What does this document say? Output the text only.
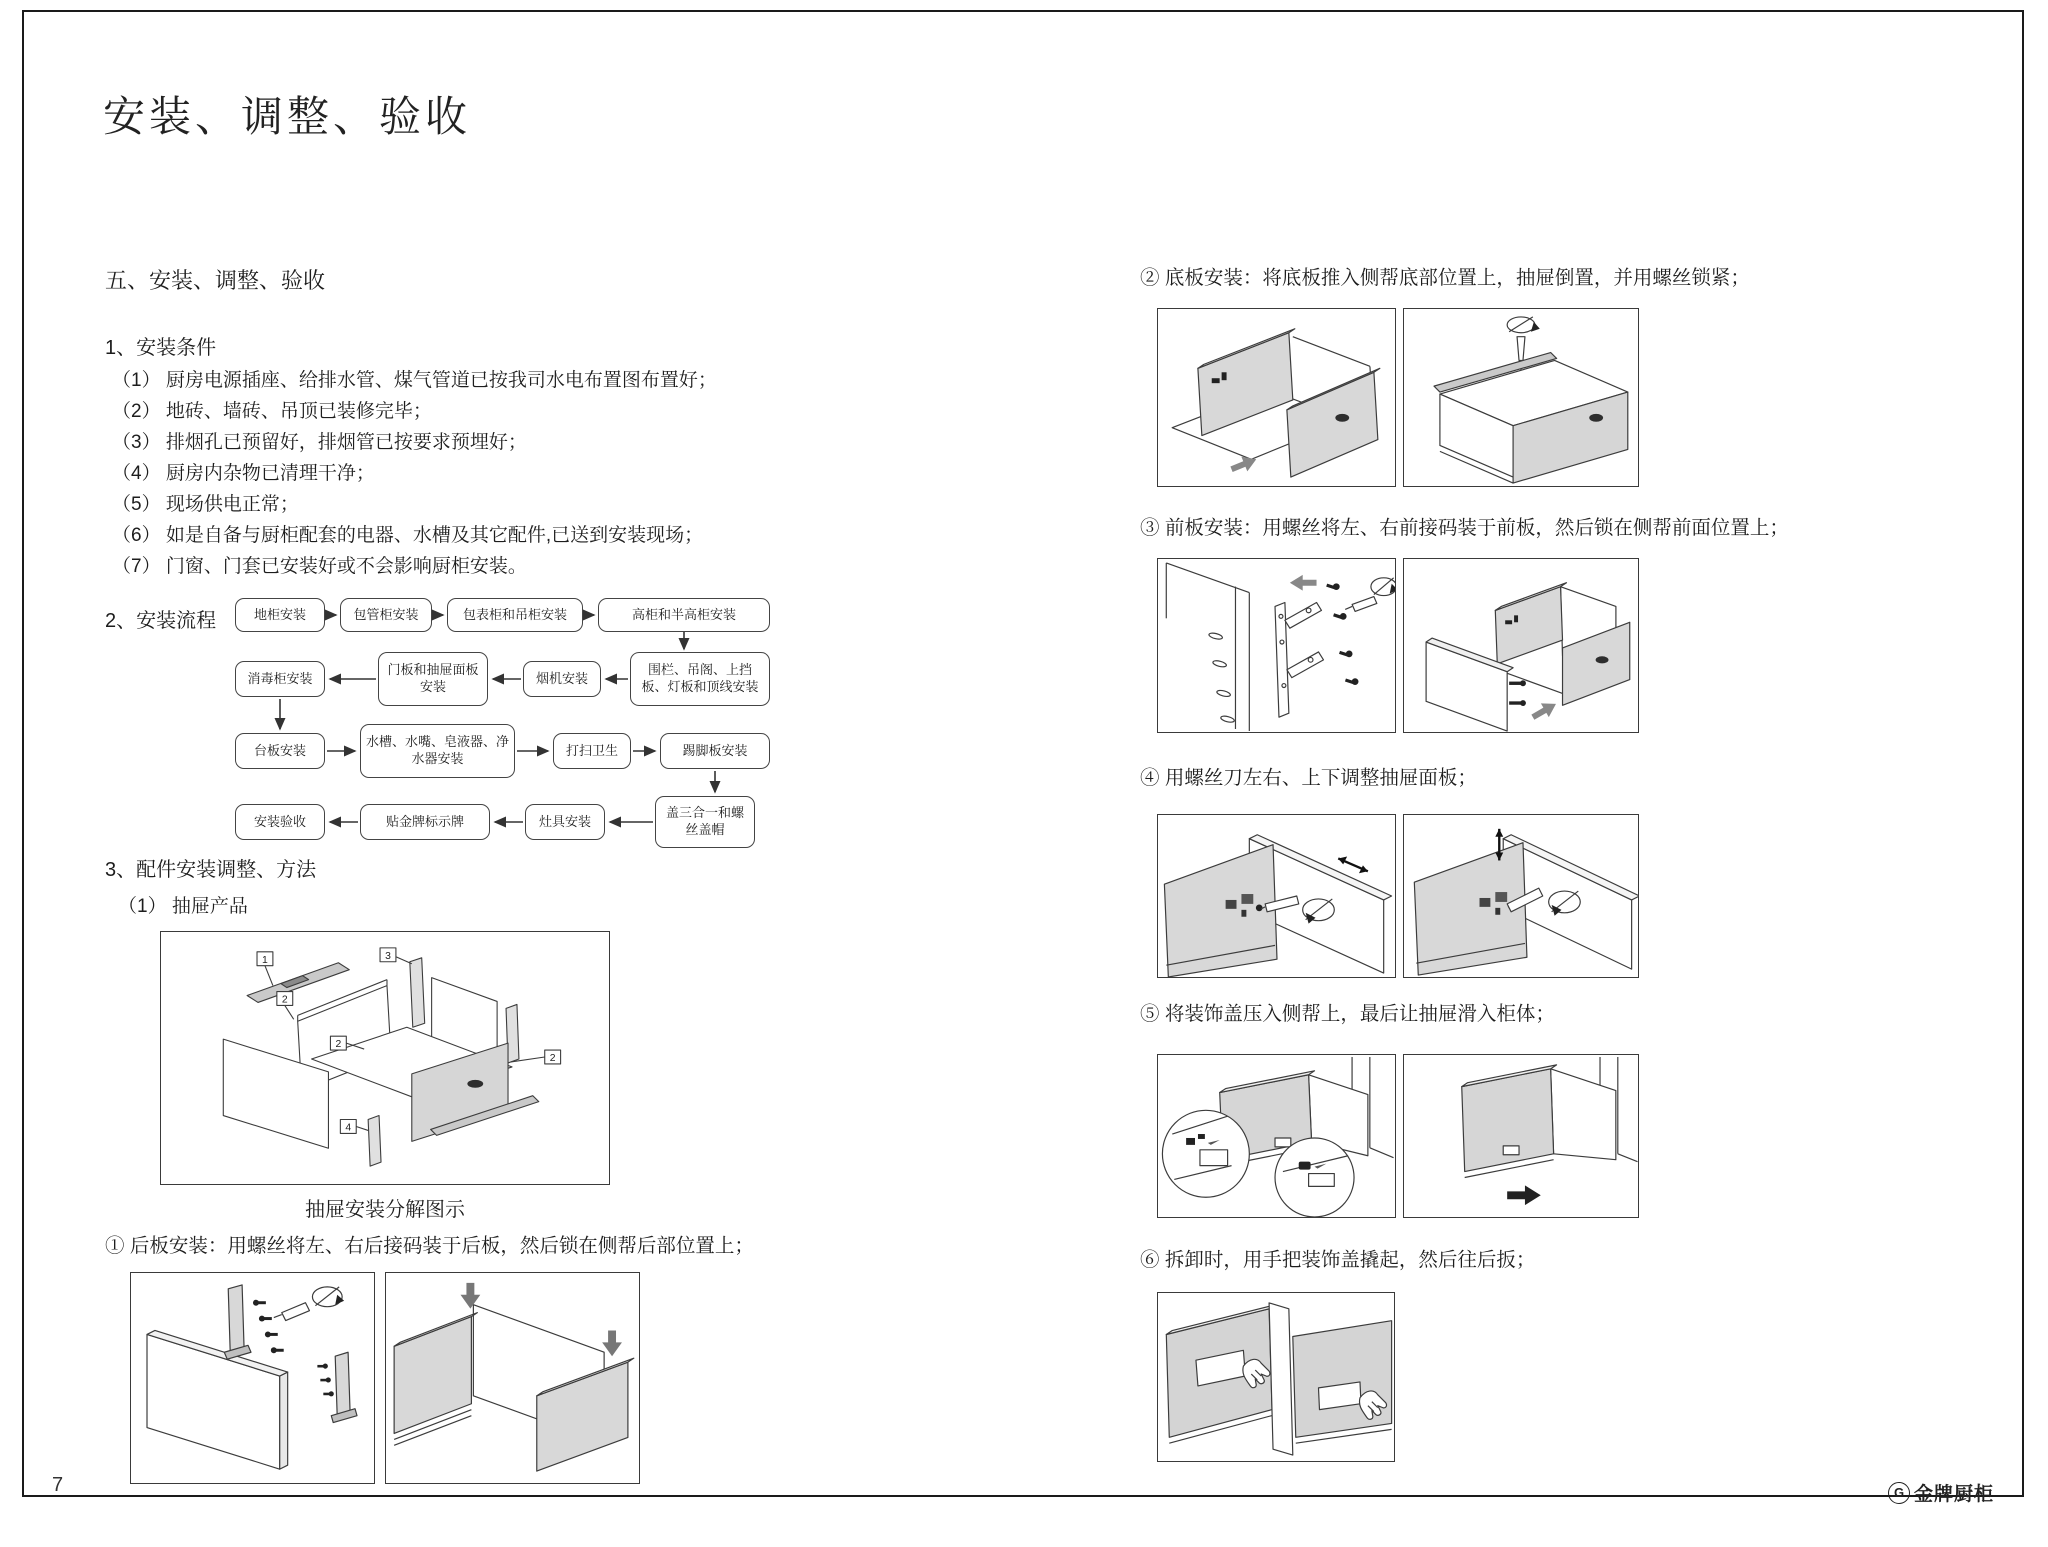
安装、调整、验收
五、安装、调整、验收
1、安装条件
（1） 厨房电源插座、给排水管、煤气管道已按我司水电布置图布置好；
（2） 地砖、墙砖、吊顶已装修完毕；
（3） 排烟孔已预留好，排烟管已按要求预埋好；
（4） 厨房内杂物已清理干净；
（5） 现场供电正常；
（6） 如是自备与厨柜配套的电器、水槽及其它配件,已送到安装现场；
（7） 门窗、门套已安装好或不会影响厨柜安装。
2、安装流程	地柜安装	包管柜安装	包表柜和吊柜安装	高柜和半高柜安装
消毒柜安装
门板和抽屉面板安装
烟机安装
围栏、吊阁、上挡板、灯板和顶线安装
台板安装
水槽、水嘴、皂液器、净水器安装
打扫卫生	踢脚板安装
安装验收	贴金牌标示牌	灶具安装
盖三合一和螺丝盖帽
3、配件安装调整、方法
（1） 抽屉产品
1
2
3
2
2
4
抽屉安装分解图示
① 后板安装：用螺丝将左、右后接码装于后板，然后锁在侧帮后部位置上；
② 底板安装：将底板推入侧帮底部位置上，抽屉倒置，并用螺丝锁紧；
③ 前板安装：用螺丝将左、右前接码装于前板，然后锁在侧帮前面位置上；
④ 用螺丝刀左右、上下调整抽屉面板；
⑤ 将装饰盖压入侧帮上，最后让抽屉滑入柜体；
⑥ 拆卸时，用手把装饰盖撬起，然后往后扳；
7	G 金牌厨柜
